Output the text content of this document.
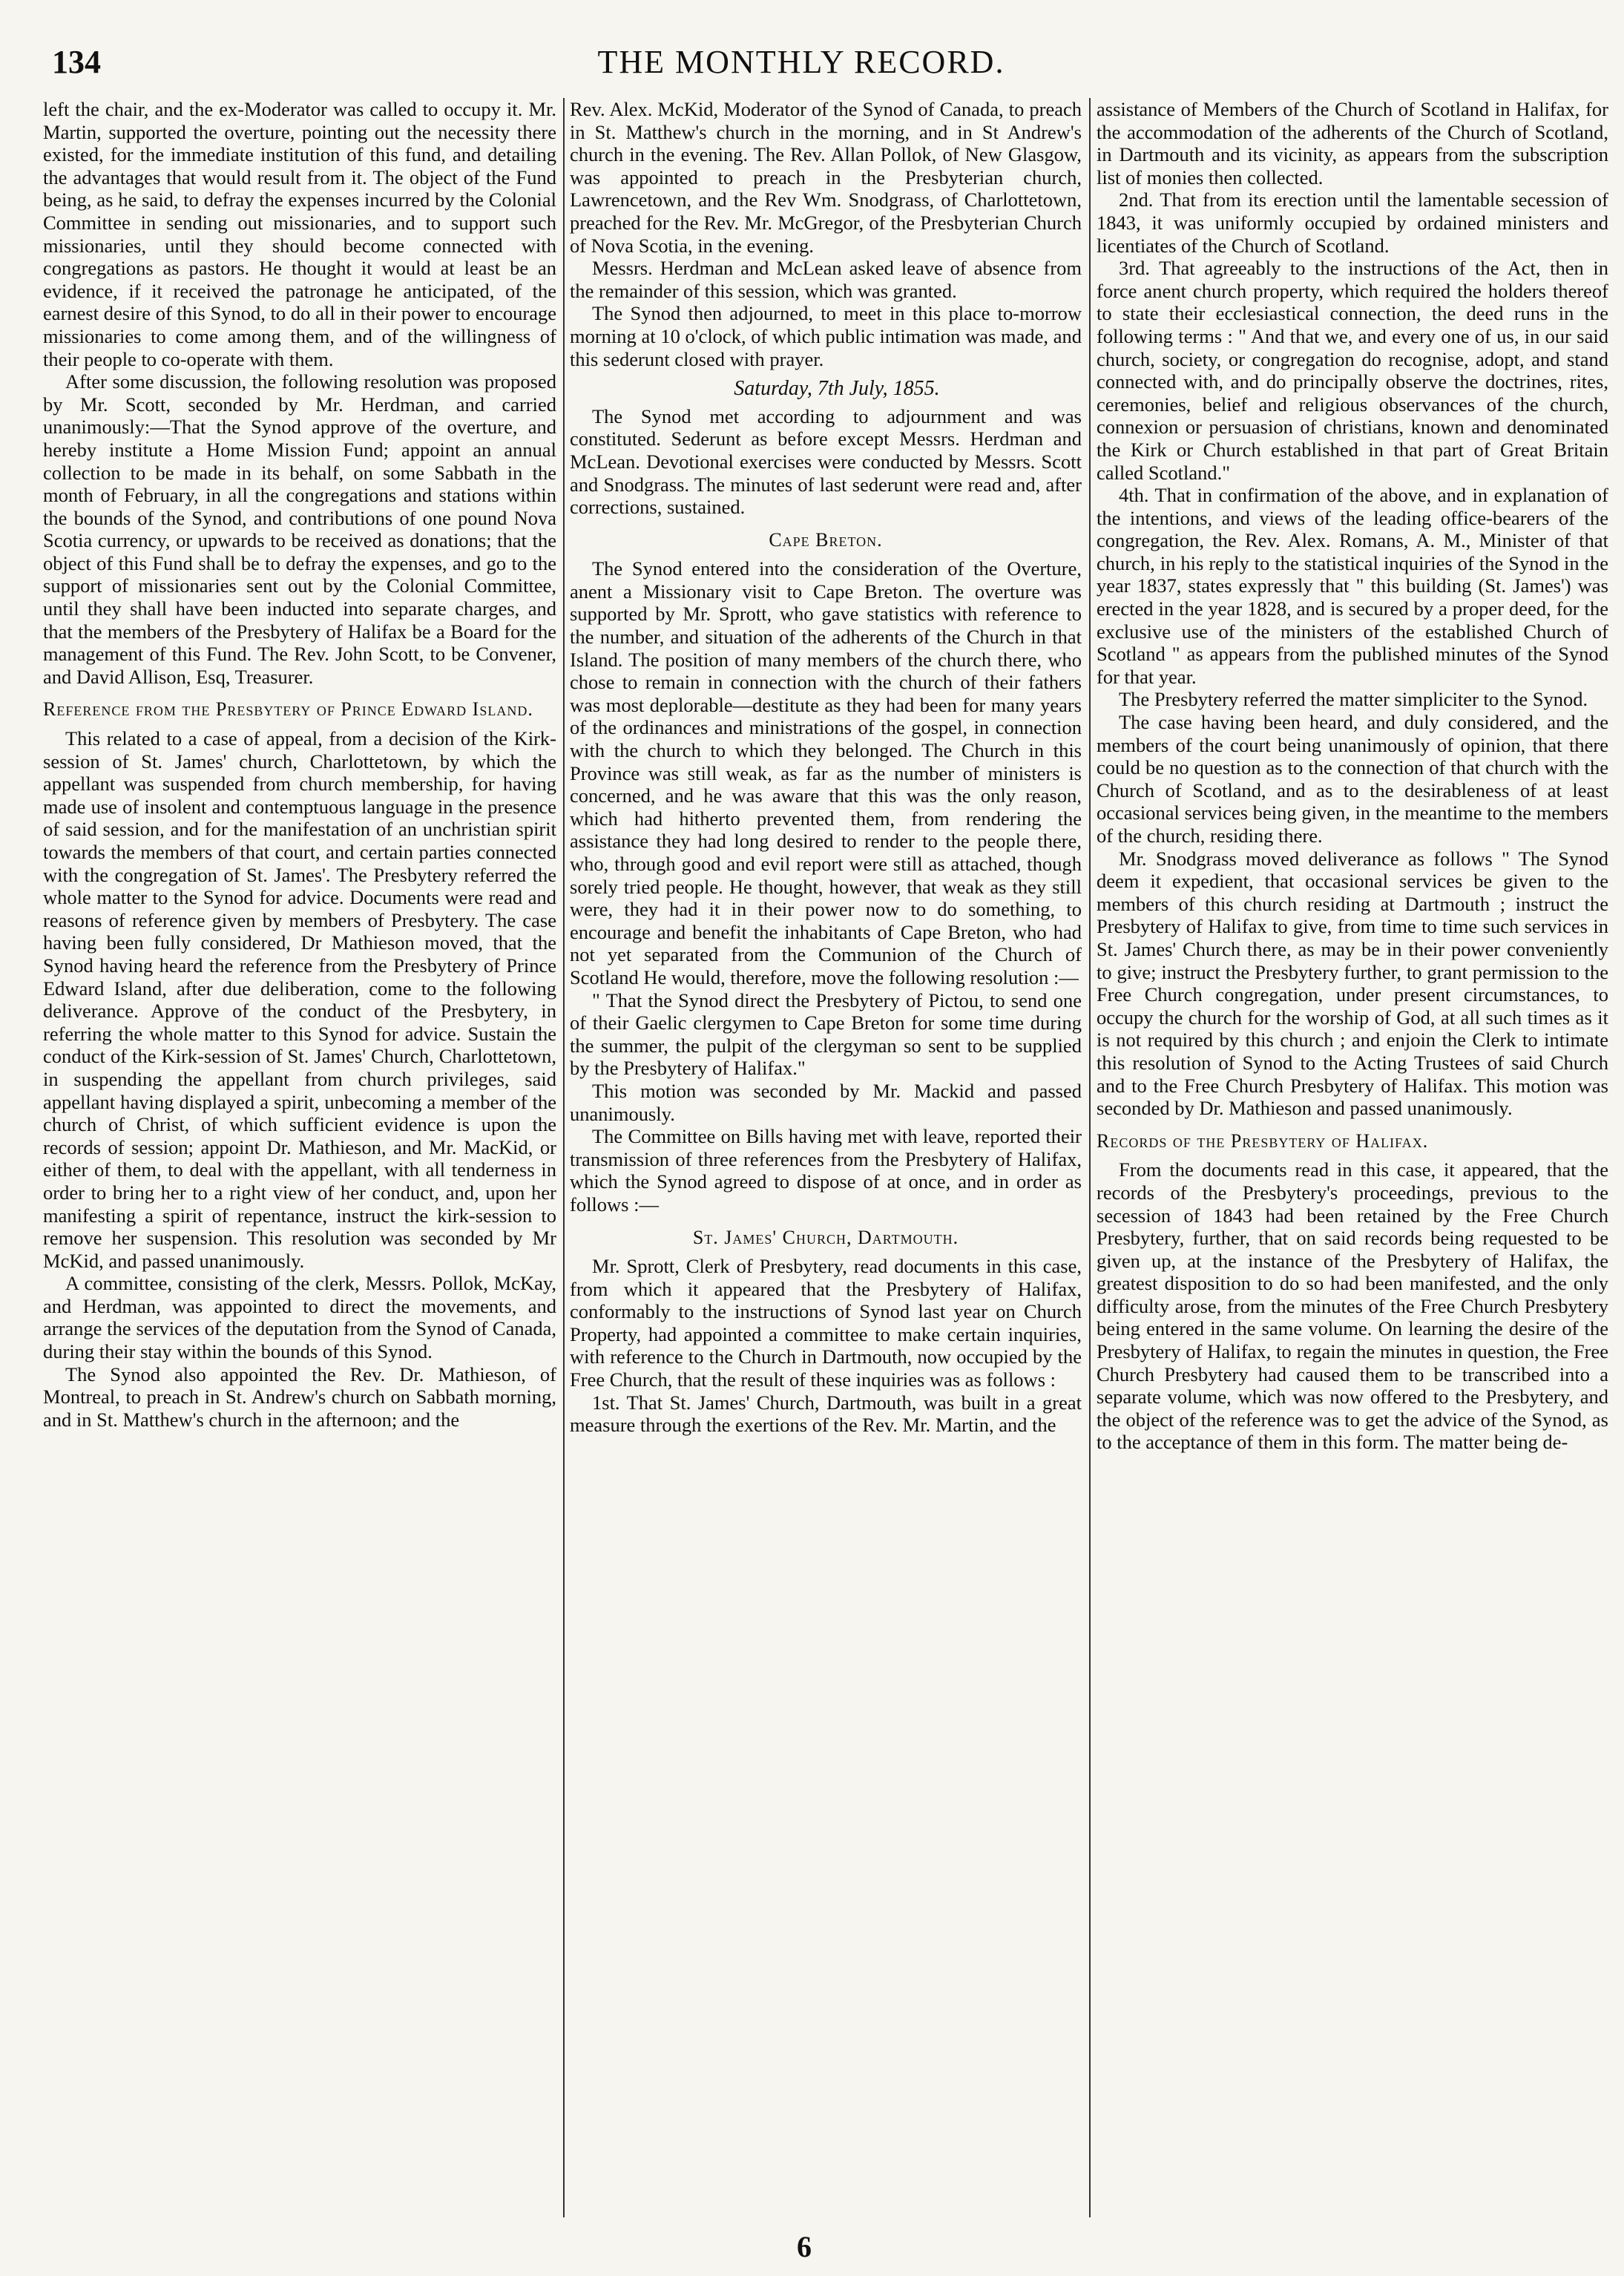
134	THE MONTHLY RECORD.

left the chair, and the ex-Moderator was called to occupy it. Mr. Martin, supported the overture, pointing out the necessity there existed, for the immediate institution of this fund, and detailing the advantages that would result from it. The object of the Fund being, as he said, to defray the expenses incurred by the Colonial Committee in sending out missionaries, and to support such missionaries, until they should become connected with congregations as pastors. He thought it would at least be an evidence, if it received the patronage he anticipated, of the earnest desire of this Synod, to do all in their power to encourage missionaries to come among them, and of the willingness of their people to co-operate with them.

After some discussion, the following resolution was proposed by Mr. Scott, seconded by Mr. Herdman, and carried unanimously:—That the Synod approve of the overture, and hereby institute a Home Mission Fund; appoint an annual collection to be made in its behalf, on some Sabbath in the month of February, in all the congregations and stations within the bounds of the Synod, and contributions of one pound Nova Scotia currency, or upwards to be received as donations; that the object of this Fund shall be to defray the expenses, and go to the support of missionaries sent out by the Colonial Committee, until they shall have been inducted into separate charges, and that the members of the Presbytery of Halifax be a Board for the management of this Fund. The Rev. John Scott, to be Convener, and David Allison, Esq, Treasurer.

Reference from the Presbytery of Prince Edward Island.

This related to a case of appeal, from a decision of the Kirk-session of St. James' church, Charlottetown, by which the appellant was suspended from church membership, for having made use of insolent and contemptuous language in the presence of said session, and for the manifestation of an unchristian spirit towards the members of that court, and certain parties connected with the congregation of St. James'. The Presbytery referred the whole matter to the Synod for advice. Documents were read and reasons of reference given by members of Presbytery. The case having been fully considered, Dr Mathieson moved, that the Synod having heard the reference from the Presbytery of Prince Edward Island, after due deliberation, come to the following deliverance. Approve of the conduct of the Presbytery, in referring the whole matter to this Synod for advice. Sustain the conduct of the Kirk-session of St. James' Church, Charlottetown, in suspending the appellant from church privileges, said appellant having displayed a spirit, unbecoming a member of the church of Christ, of which sufficient evidence is upon the records of session; appoint Dr. Mathieson, and Mr. MacKid, or either of them, to deal with the appellant, with all tenderness in order to bring her to a right view of her conduct, and, upon her manifesting a spirit of repentance, instruct the kirk-session to remove her suspension. This resolution was seconded by Mr McKid, and passed unanimously.

A committee, consisting of the clerk, Messrs. Pollok, McKay, and Herdman, was appointed to direct the movements, and arrange the services of the deputation from the Synod of Canada, during their stay within the bounds of this Synod.

The Synod also appointed the Rev. Dr. Mathieson, of Montreal, to preach in St. Andrew's church on Sabbath morning, and in St. Matthew's church in the afternoon; and the

Rev. Alex. McKid, Moderator of the Synod of Canada, to preach in St. Matthew's church in the morning, and in St Andrew's church in the evening. The Rev. Allan Pollok, of New Glasgow, was appointed to preach in the Presbyterian church, Lawrencetown, and the Rev Wm. Snodgrass, of Charlottetown, preached for the Rev. Mr. McGregor, of the Presbyterian Church of Nova Scotia, in the evening.

Messrs. Herdman and McLean asked leave of absence from the remainder of this session, which was granted.

The Synod then adjourned, to meet in this place to-morrow morning at 10 o'clock, of which public intimation was made, and this sederunt closed with prayer.

Saturday, 7th July, 1855.

The Synod met according to adjournment and was constituted. Sederunt as before except Messrs. Herdman and McLean. Devotional exercises were conducted by Messrs. Scott and Snodgrass. The minutes of last sederunt were read and, after corrections, sustained.

Cape Breton.

The Synod entered into the consideration of the Overture, anent a Missionary visit to Cape Breton. The overture was supported by Mr. Sprott, who gave statistics with reference to the number, and situation of the adherents of the Church in that Island. The position of many members of the church there, who chose to remain in connection with the church of their fathers was most deplorable—destitute as they had been for many years of the ordinances and ministrations of the gospel, in connection with the church to which they belonged. The Church in this Province was still weak, as far as the number of ministers is concerned, and he was aware that this was the only reason, which had hitherto prevented them, from rendering the assistance they had long desired to render to the people there, who, through good and evil report were still as attached, though sorely tried people. He thought, however, that weak as they still were, they had it in their power now to do something, to encourage and benefit the inhabitants of Cape Breton, who had not yet separated from the Communion of the Church of Scotland He would, therefore, move the following resolution :—

" That the Synod direct the Presbytery of Pictou, to send one of their Gaelic clergymen to Cape Breton for some time during the summer, the pulpit of the clergyman so sent to be supplied by the Presbytery of Halifax."

This motion was seconded by Mr. Mackid and passed unanimously.

The Committee on Bills having met with leave, reported their transmission of three references from the Presbytery of Halifax, which the Synod agreed to dispose of at once, and in order as follows :—

St. James' Church, Dartmouth.

Mr. Sprott, Clerk of Presbytery, read documents in this case, from which it appeared that the Presbytery of Halifax, conformably to the instructions of Synod last year on Church Property, had appointed a committee to make certain inquiries, with reference to the Church in Dartmouth, now occupied by the Free Church, that the result of these inquiries was as follows :

1st. That St. James' Church, Dartmouth, was built in a great measure through the exertions of the Rev. Mr. Martin, and the

assistance of Members of the Church of Scotland in Halifax, for the accommodation of the adherents of the Church of Scotland, in Dartmouth and its vicinity, as appears from the subscription list of monies then collected.

2nd. That from its erection until the lamentable secession of 1843, it was uniformly occupied by ordained ministers and licentiates of the Church of Scotland.

3rd. That agreeably to the instructions of the Act, then in force anent church property, which required the holders thereof to state their ecclesiastical connection, the deed runs in the following terms : " And that we, and every one of us, in our said church, society, or congregation do recognise, adopt, and stand connected with, and do principally observe the doctrines, rites, ceremonies, belief and religious observances of the church, connexion or persuasion of christians, known and denominated the Kirk or Church established in that part of Great Britain called Scotland."

4th. That in confirmation of the above, and in explanation of the intentions, and views of the leading office-bearers of the congregation, the Rev. Alex. Romans, A. M., Minister of that church, in his reply to the statistical inquiries of the Synod in the year 1837, states expressly that " this building (St. James') was erected in the year 1828, and is secured by a proper deed, for the exclusive use of the ministers of the established Church of Scotland " as appears from the published minutes of the Synod for that year.

The Presbytery referred the matter simpliciter to the Synod.

The case having been heard, and duly considered, and the members of the court being unanimously of opinion, that there could be no question as to the connection of that church with the Church of Scotland, and as to the desirableness of at least occasional services being given, in the meantime to the members of the church, residing there.

Mr. Snodgrass moved deliverance as follows " The Synod deem it expedient, that occasional services be given to the members of this church residing at Dartmouth ; instruct the Presbytery of Halifax to give, from time to time such services in St. James' Church there, as may be in their power conveniently to give; instruct the Presbytery further, to grant permission to the Free Church congregation, under present circumstances, to occupy the church for the worship of God, at all such times as it is not required by this church ; and enjoin the Clerk to intimate this resolution of Synod to the Acting Trustees of said Church and to the Free Church Presbytery of Halifax. This motion was seconded by Dr. Mathieson and passed unanimously.

Records of the Presbytery of Halifax.

From the documents read in this case, it appeared, that the records of the Presbytery's proceedings, previous to the secession of 1843 had been retained by the Free Church Presbytery, further, that on said records being requested to be given up, at the instance of the Presbytery of Halifax, the greatest disposition to do so had been manifested, and the only difficulty arose, from the minutes of the Free Church Presbytery being entered in the same volume. On learning the desire of the Presbytery of Halifax, to regain the minutes in question, the Free Church Presbytery had caused them to be transcribed into a separate volume, which was now offered to the Presbytery, and the object of the reference was to get the advice of the Synod, as to the acceptance of them in this form. The matter being de-

6
